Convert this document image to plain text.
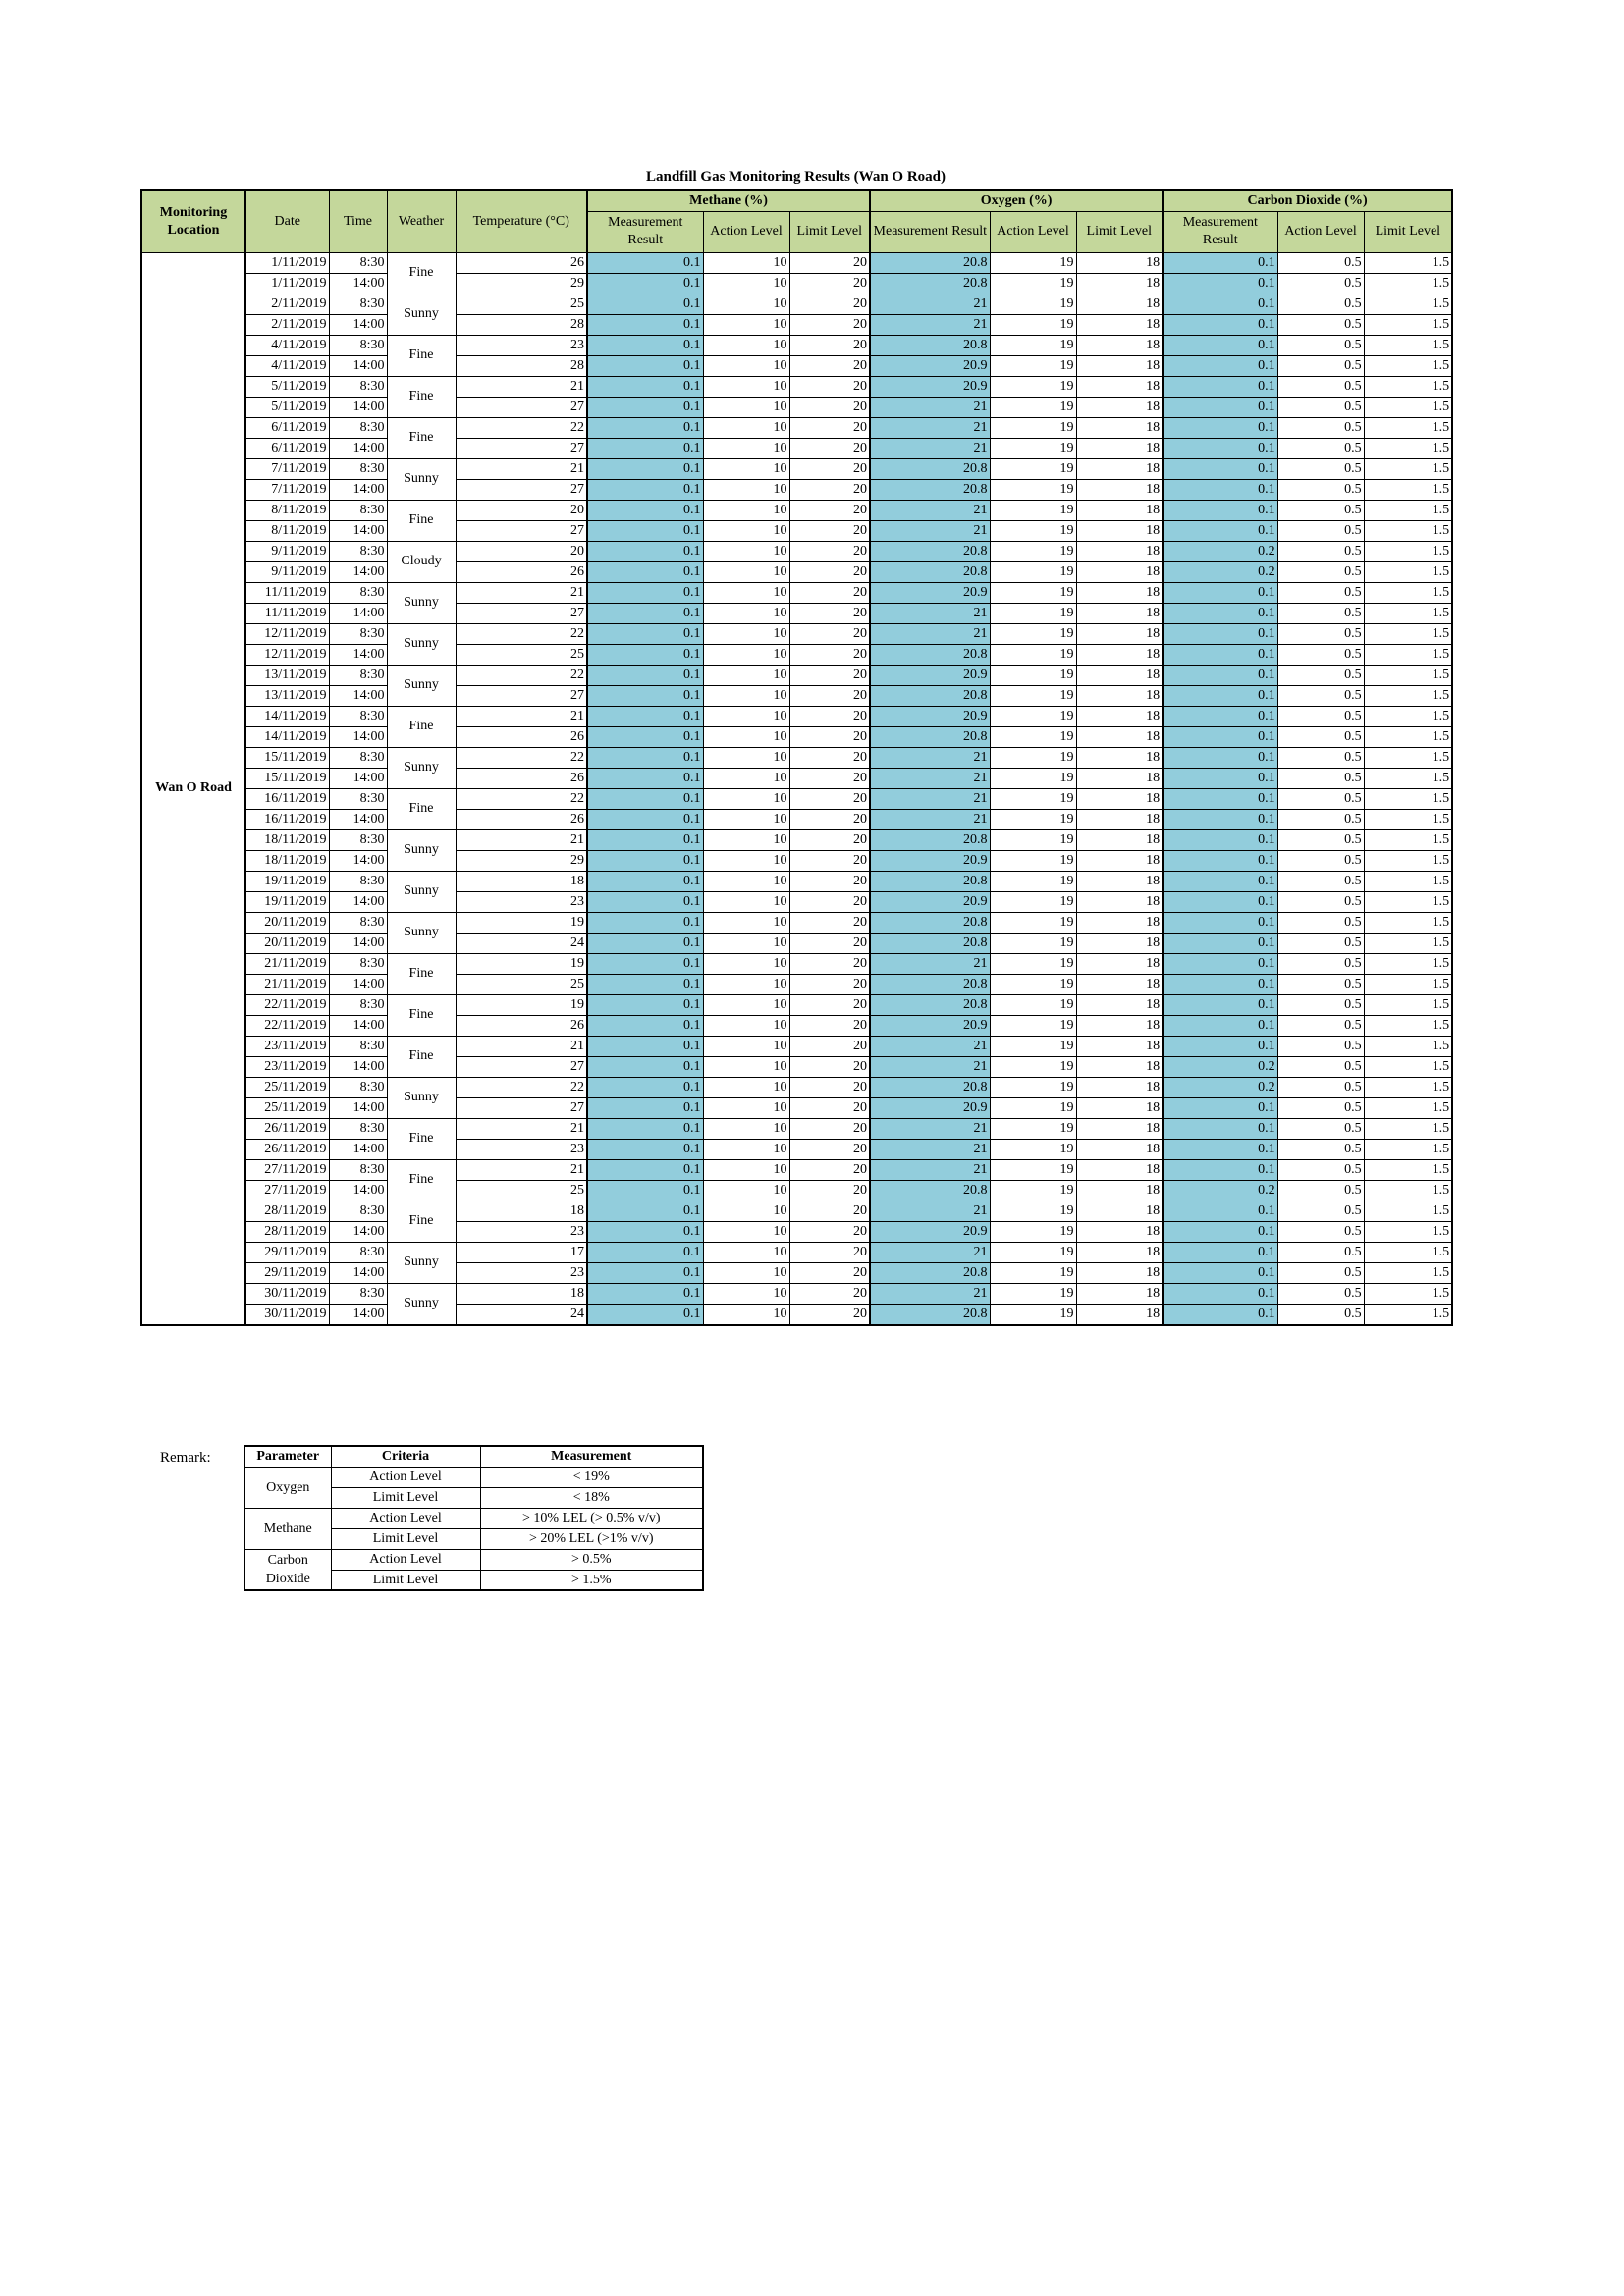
Landfill Gas Monitoring Results (Wan O Road)
Monitoring Location	Date	Time	Weather	Temperature (°C)	Methane (%)			Oxygen (%)			Carbon Dioxide (%)		
					Measurement Result	Action Level	Limit Level	Measurement Result	Action Level	Limit Level	Measurement Result	Action Level	Limit Level
Wan O Road	1/11/2019	8:30	Fine	26	0.1	10	20	20.8	19	18	0.1	0.5	1.5
	1/11/2019	14:00		29	0.1	10	20	20.8	19	18	0.1	0.5	1.5
	2/11/2019	8:30	Sunny	25	0.1	10	20	21	19	18	0.1	0.5	1.5
	2/11/2019	14:00		28	0.1	10	20	21	19	18	0.1	0.5	1.5
	4/11/2019	8:30	Fine	23	0.1	10	20	20.8	19	18	0.1	0.5	1.5
	4/11/2019	14:00		28	0.1	10	20	20.9	19	18	0.1	0.5	1.5
	5/11/2019	8:30	Fine	21	0.1	10	20	20.9	19	18	0.1	0.5	1.5
	5/11/2019	14:00		27	0.1	10	20	21	19	18	0.1	0.5	1.5
	6/11/2019	8:30	Fine	22	0.1	10	20	21	19	18	0.1	0.5	1.5
	6/11/2019	14:00		27	0.1	10	20	21	19	18	0.1	0.5	1.5
	7/11/2019	8:30	Sunny	21	0.1	10	20	20.8	19	18	0.1	0.5	1.5
	7/11/2019	14:00		27	0.1	10	20	20.8	19	18	0.1	0.5	1.5
	8/11/2019	8:30	Fine	20	0.1	10	20	21	19	18	0.1	0.5	1.5
	8/11/2019	14:00		27	0.1	10	20	21	19	18	0.1	0.5	1.5
	9/11/2019	8:30	Cloudy	20	0.1	10	20	20.8	19	18	0.2	0.5	1.5
	9/11/2019	14:00		26	0.1	10	20	20.8	19	18	0.2	0.5	1.5
	11/11/2019	8:30	Sunny	21	0.1	10	20	20.9	19	18	0.1	0.5	1.5
	11/11/2019	14:00		27	0.1	10	20	21	19	18	0.1	0.5	1.5
	12/11/2019	8:30	Sunny	22	0.1	10	20	21	19	18	0.1	0.5	1.5
	12/11/2019	14:00		25	0.1	10	20	20.8	19	18	0.1	0.5	1.5
	13/11/2019	8:30	Sunny	22	0.1	10	20	20.9	19	18	0.1	0.5	1.5
	13/11/2019	14:00		27	0.1	10	20	20.8	19	18	0.1	0.5	1.5
	14/11/2019	8:30	Fine	21	0.1	10	20	20.9	19	18	0.1	0.5	1.5
	14/11/2019	14:00		26	0.1	10	20	20.8	19	18	0.1	0.5	1.5
	15/11/2019	8:30	Sunny	22	0.1	10	20	21	19	18	0.1	0.5	1.5
	15/11/2019	14:00		26	0.1	10	20	21	19	18	0.1	0.5	1.5
	16/11/2019	8:30	Fine	22	0.1	10	20	21	19	18	0.1	0.5	1.5
	16/11/2019	14:00		26	0.1	10	20	21	19	18	0.1	0.5	1.5
	18/11/2019	8:30	Sunny	21	0.1	10	20	20.8	19	18	0.1	0.5	1.5
	18/11/2019	14:00		29	0.1	10	20	20.9	19	18	0.1	0.5	1.5
	19/11/2019	8:30	Sunny	18	0.1	10	20	20.8	19	18	0.1	0.5	1.5
	19/11/2019	14:00		23	0.1	10	20	20.9	19	18	0.1	0.5	1.5
	20/11/2019	8:30	Sunny	19	0.1	10	20	20.8	19	18	0.1	0.5	1.5
	20/11/2019	14:00		24	0.1	10	20	20.8	19	18	0.1	0.5	1.5
	21/11/2019	8:30	Fine	19	0.1	10	20	21	19	18	0.1	0.5	1.5
	21/11/2019	14:00		25	0.1	10	20	20.8	19	18	0.1	0.5	1.5
	22/11/2019	8:30	Fine	19	0.1	10	20	20.8	19	18	0.1	0.5	1.5
	22/11/2019	14:00		26	0.1	10	20	20.9	19	18	0.1	0.5	1.5
	23/11/2019	8:30	Fine	21	0.1	10	20	21	19	18	0.1	0.5	1.5
	23/11/2019	14:00		27	0.1	10	20	21	19	18	0.2	0.5	1.5
	25/11/2019	8:30	Sunny	22	0.1	10	20	20.8	19	18	0.2	0.5	1.5
	25/11/2019	14:00		27	0.1	10	20	20.9	19	18	0.1	0.5	1.5
	26/11/2019	8:30	Fine	21	0.1	10	20	21	19	18	0.1	0.5	1.5
	26/11/2019	14:00		23	0.1	10	20	21	19	18	0.1	0.5	1.5
	27/11/2019	8:30	Fine	21	0.1	10	20	21	19	18	0.1	0.5	1.5
	27/11/2019	14:00		25	0.1	10	20	20.8	19	18	0.2	0.5	1.5
	28/11/2019	8:30	Fine	18	0.1	10	20	21	19	18	0.1	0.5	1.5
	28/11/2019	14:00		23	0.1	10	20	20.9	19	18	0.1	0.5	1.5
	29/11/2019	8:30	Sunny	17	0.1	10	20	21	19	18	0.1	0.5	1.5
	29/11/2019	14:00		23	0.1	10	20	20.8	19	18	0.1	0.5	1.5
	30/11/2019	8:30	Sunny	18	0.1	10	20	21	19	18	0.1	0.5	1.5
	30/11/2019	14:00		24	0.1	10	20	20.8	19	18	0.1	0.5	1.5
Remark:	Parameter	Criteria	Measurement
Oxygen	Action Level	< 19%
	Limit Level	< 18%
Methane	Action Level	> 10% LEL (> 0.5% v/v)
	Limit Level	> 20% LEL (>1% v/v)

Carbon
Dioxide	Action Level	> 0.5%
	Limit Level	> 1.5%
